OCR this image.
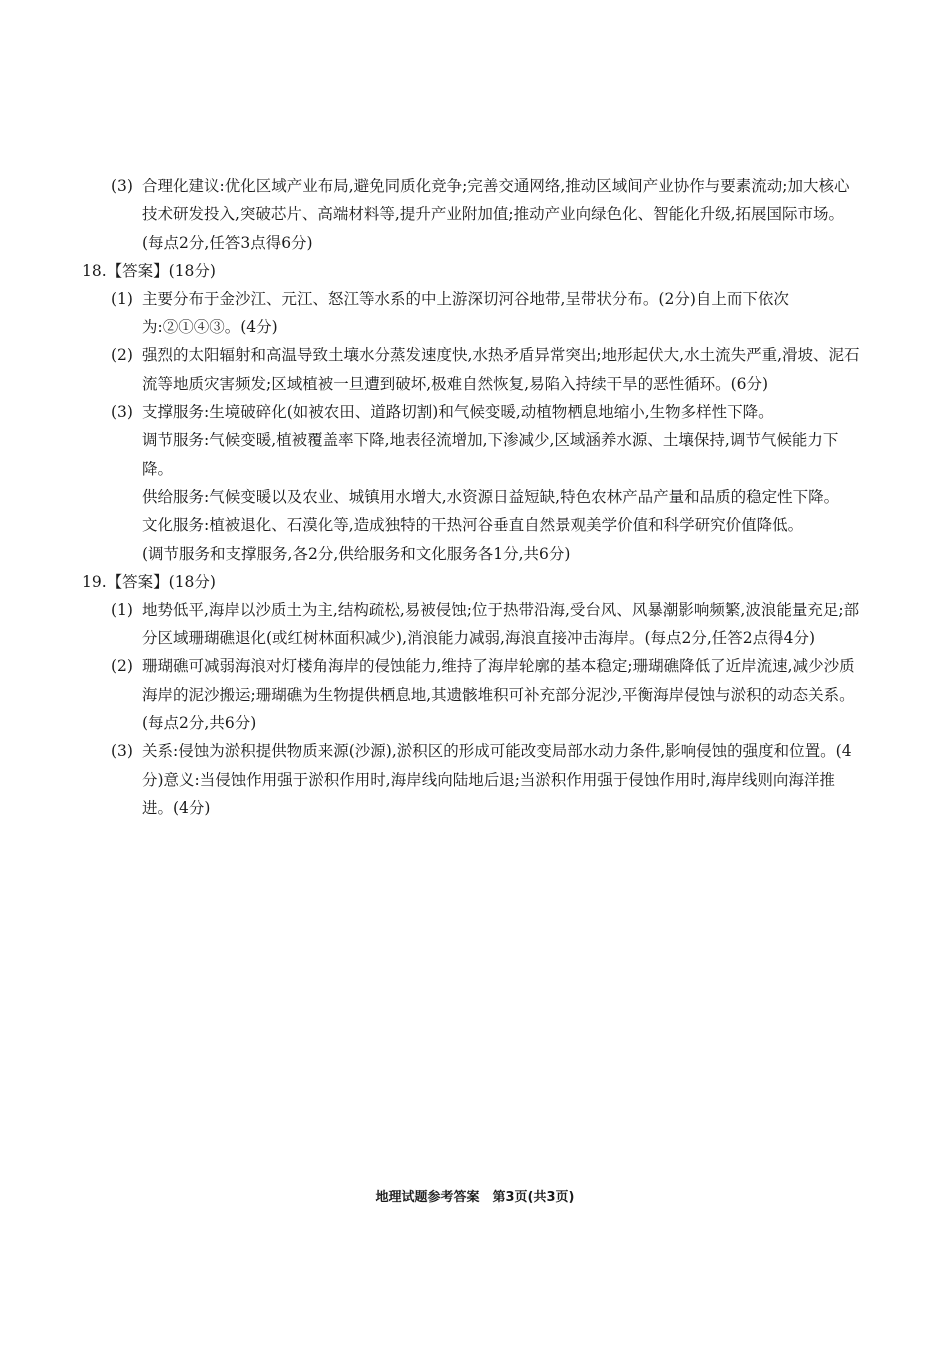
(3) 合理化建议:优化区域产业布局,避免同质化竞争;完善交通网络,推动区域间产业协作与要素流动;加大核心技术研发投入,突破芯片、高端材料等,提升产业附加值;推动产业向绿色化、智能化升级,拓展国际市场。(每点2分,任答3点得6分)

18.【答案】(18分)
(1) 主要分布于金沙江、元江、怒江等水系的中上游深切河谷地带,呈带状分布。(2分)自上而下依次为:②①④③。(4分)

(2) 强烈的太阳辐射和高温导致土壤水分蒸发速度快,水热矛盾异常突出;地形起伏大,水土流失严重,滑坡、泥石流等地质灾害频发;区域植被一旦遭到破坏,极难自然恢复,易陷入持续干旱的恶性循环。(6分)

(3) 支撑服务:生境破碎化(如被农田、道路切割)和气候变暖,动植物栖息地缩小,生物多样性下降。

调节服务:气候变暖,植被覆盖率下降,地表径流增加,下渗减少,区域涵养水源、土壤保持,调节气候能力下降。
供给服务:气候变暖以及农业、城镇用水增大,水资源日益短缺,特色农林产品产量和品质的稳定性下降。
文化服务:植被退化、石漠化等,造成独特的干热河谷垂直自然景观美学价值和科学研究价值降低。
(调节服务和支撑服务,各2分,供给服务和文化服务各1分,共6分)
19.【答案】(18分)
(1) 地势低平,海岸以沙质土为主,结构疏松,易被侵蚀;位于热带沿海,受台风、风暴潮影响频繁,波浪能量充足;部分区域珊瑚礁退化(或红树林面积减少),消浪能力减弱,海浪直接冲击海岸。(每点2分,任答2点得4分)

(2) 珊瑚礁可减弱海浪对灯楼角海岸的侵蚀能力,维持了海岸轮廓的基本稳定;珊瑚礁降低了近岸流速,减少沙质海岸的泥沙搬运;珊瑚礁为生物提供栖息地,其遗骸堆积可补充部分泥沙,平衡海岸侵蚀与淤积的动态关系。(每点2分,共6分)

(3) 关系:侵蚀为淤积提供物质来源(沙源),淤积区的形成可能改变局部水动力条件,影响侵蚀的强度和位置。(4分)意义:当侵蚀作用强于淤积作用时,海岸线向陆地后退;当淤积作用强于侵蚀作用时,海岸线则向海洋推进。(4分)

地理试题参考答案　第3页(共3页)
